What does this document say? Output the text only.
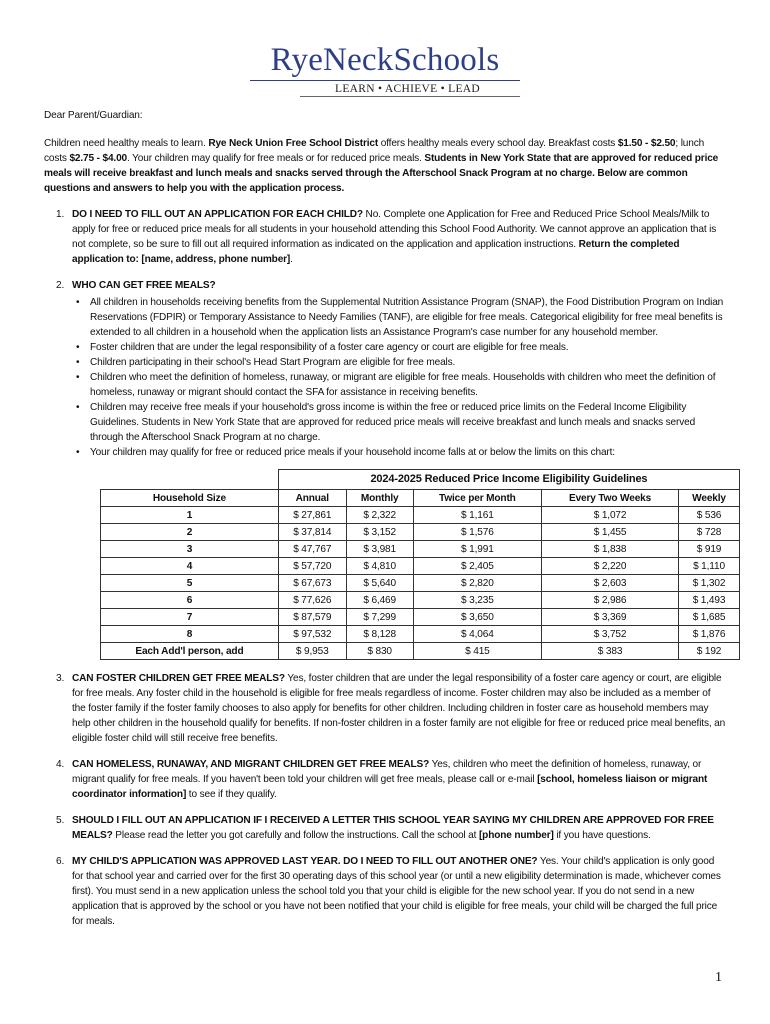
RyeNeckSchools
LEARN • ACHIEVE • LEAD

Dear Parent/Guardian:

Children need healthy meals to learn. Rye Neck Union Free School District offers healthy meals every school day. Breakfast costs $1.50 - $2.50; lunch costs $2.75 - $4.00. Your children may qualify for free meals or for reduced price meals. Students in New York State that are approved for reduced price meals will receive breakfast and lunch meals and snacks served through the Afterschool Snack Program at no charge. Below are common questions and answers to help you with the application process.

1. DO I NEED TO FILL OUT AN APPLICATION FOR EACH CHILD? No. Complete one Application for Free and Reduced Price School Meals/Milk to apply for free or reduced price meals for all students in your household attending this School Food Authority. We cannot approve an application that is not complete, so be sure to fill out all required information as indicated on the application and application instructions. Return the completed application to: [name, address, phone number].
2. WHO CAN GET FREE MEALS?
• All children in households receiving benefits from the Supplemental Nutrition Assistance Program (SNAP), the Food Distribution Program on Indian Reservations (FDPIR) or Temporary Assistance to Needy Families (TANF), are eligible for free meals. Categorical eligibility for free meal benefits is extended to all children in a household when the application lists an Assistance Program's case number for any household member.
• Foster children that are under the legal responsibility of a foster care agency or court are eligible for free meals.
• Children participating in their school's Head Start Program are eligible for free meals.
• Children who meet the definition of homeless, runaway, or migrant are eligible for free meals. Households with children who meet the definition of homeless, runaway or migrant should contact the SFA for assistance in receiving benefits.
• Children may receive free meals if your household's gross income is within the free or reduced price limits on the Federal Income Eligibility Guidelines. Students in New York State that are approved for reduced price meals will receive breakfast and lunch meals and snacks served through the Afterschool Snack Program at no charge.
• Your children may qualify for free or reduced price meals if your household income falls at or below the limits on this chart:
	2024-2025 Reduced Price Income Eligibility Guidelines				
Household Size	Annual	Monthly	Twice per Month	Every Two Weeks	Weekly
1	$ 27,861	$ 2,322	$ 1,161	$ 1,072	$ 536
2	$ 37,814	$ 3,152	$ 1,576	$ 1,455	$ 728
3	$ 47,767	$ 3,981	$ 1,991	$ 1,838	$ 919
4	$ 57,720	$ 4,810	$ 2,405	$ 2,220	$ 1,110
5	$ 67,673	$ 5,640	$ 2,820	$ 2,603	$ 1,302
6	$ 77,626	$ 6,469	$ 3,235	$ 2,986	$ 1,493
7	$ 87,579	$ 7,299	$ 3,650	$ 3,369	$ 1,685
8	$ 97,532	$ 8,128	$ 4,064	$ 3,752	$ 1,876
Each Add'l person, add	$ 9,953	$ 830	$ 415	$ 383	$ 192
3. CAN FOSTER CHILDREN GET FREE MEALS? Yes, foster children that are under the legal responsibility of a foster care agency or court, are eligible for free meals. Any foster child in the household is eligible for free meals regardless of income. Foster children may also be included as a member of the foster family if the foster family chooses to also apply for benefits for other children. Including children in foster care as household members may help other children in the household qualify for benefits. If non-foster children in a foster family are not eligible for free or reduced price meal benefits, an eligible foster child will still receive free benefits.
4. CAN HOMELESS, RUNAWAY, AND MIGRANT CHILDREN GET FREE MEALS? Yes, children who meet the definition of homeless, runaway, or migrant qualify for free meals. If you haven't been told your children will get free meals, please call or e-mail [school, homeless liaison or migrant coordinator information] to see if they qualify.
5. SHOULD I FILL OUT AN APPLICATION IF I RECEIVED A LETTER THIS SCHOOL YEAR SAYING MY CHILDREN ARE APPROVED FOR FREE MEALS? Please read the letter you got carefully and follow the instructions. Call the school at [phone number] if you have questions.
6. MY CHILD'S APPLICATION WAS APPROVED LAST YEAR. DO I NEED TO FILL OUT ANOTHER ONE? Yes. Your child's application is only good for that school year and carried over for the first 30 operating days of this school year (or until a new eligibility determination is made, whichever comes first). You must send in a new application unless the school told you that your child is eligible for the new school year. If you do not send in a new application that is approved by the school or you have not been notified that your child is eligible for free meals, your child will be charged the full price for meals.
1
